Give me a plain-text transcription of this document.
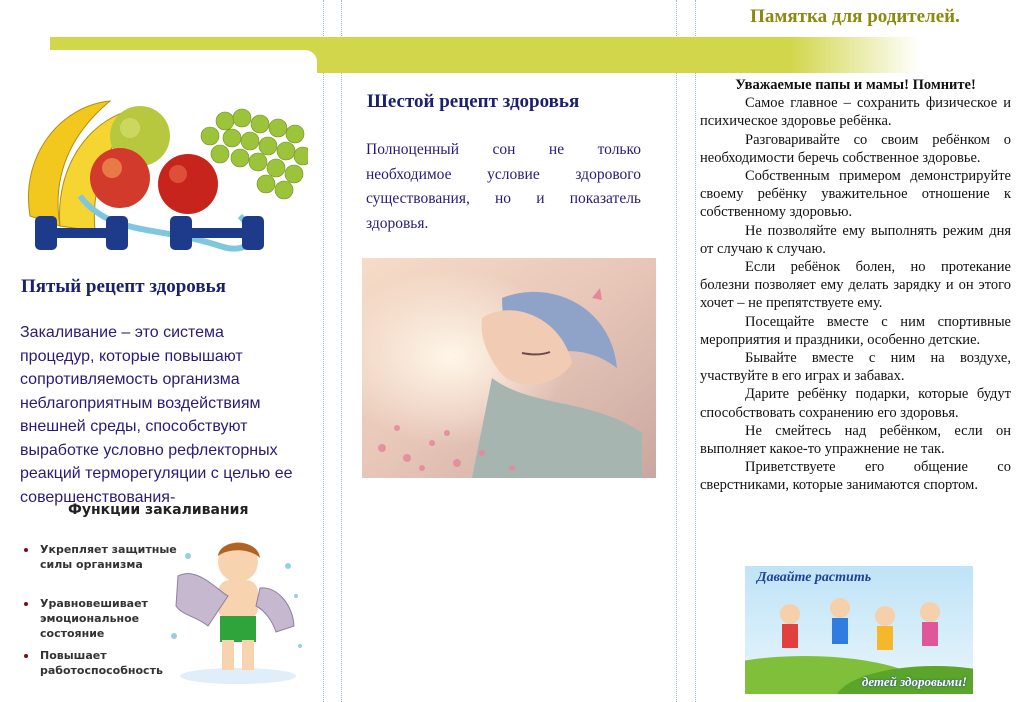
Памятка для родителей.
Пятый рецепт здоровья

Закаливание – это система процедур, которые повышают сопротивляемость организма неблагоприятным воздействиям внешней среды, способствуют выработке условно рефлекторных реакций терморегуляции с целью ее совершенствования-

Функции закаливания
Укрепляет защитные силы организма
Уравновешивает эмоциональное состояние
Повышает работоспособность
Шестой рецепт здоровья

Полноценный сон не только необходимое условие здорового существования, но и показатель здоровья.

Уважаемые папы и мамы! Помните!

Самое главное – сохранить физическое и психическое здоровье ребёнка.

Разговаривайте со своим ребёнком о необходимости беречь собственное здоровье.

Собственным примером демонстрируйте своему ребёнку уважительное отношение к собственному здоровью.

Не позволяйте ему выполнять режим дня от случаю к случаю.

Если ребёнок болен, но протекание болезни позволяет ему делать зарядку и он этого хочет – не препятствуете ему.

Посещайте вместе с ним спортивные мероприятия и праздники, особенно детские.

Бывайте вместе с ним на воздухе, участвуйте в его играх и забавах.

Дарите ребёнку подарки, которые будут способствовать сохранению его здоровья.

Не смейтесь над ребёнком, если он выполняет какое-то упражнение не так.

Приветствуете его общение со сверстниками, которые занимаются спортом.

Давайте растить
детей здоровыми!
